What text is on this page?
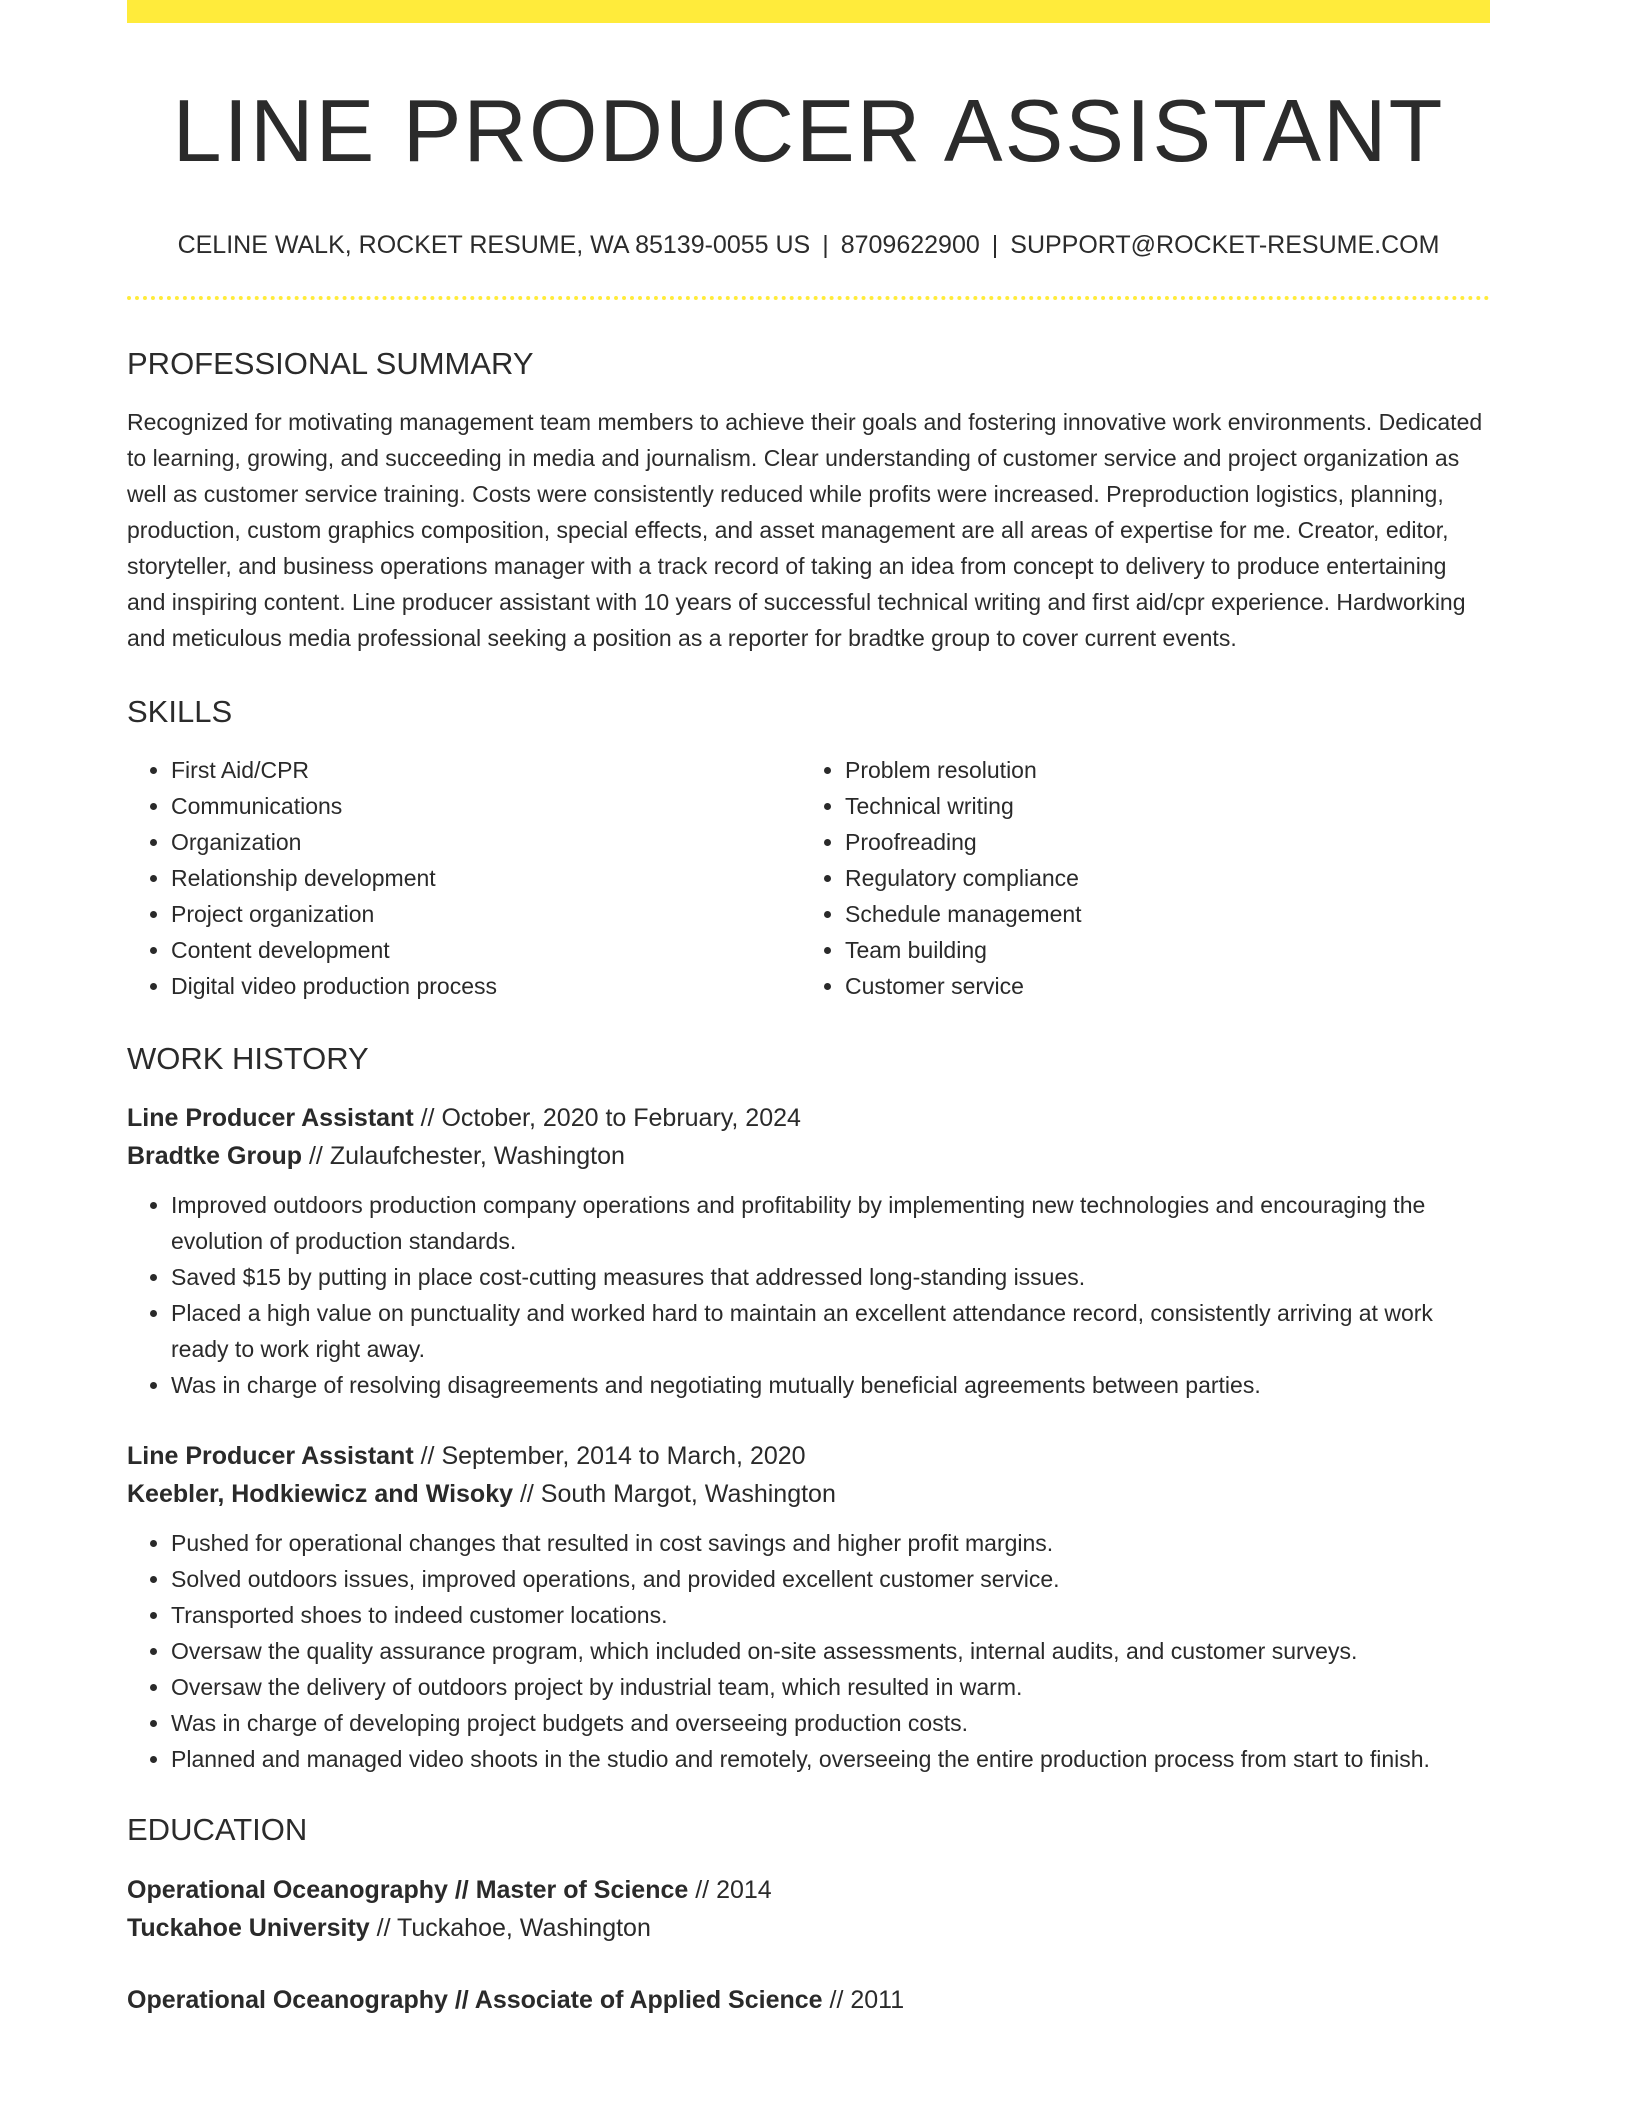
LINE PRODUCER ASSISTANT
CELINE WALK, ROCKET RESUME, WA 85139-0055 US | 8709622900 | SUPPORT@ROCKET-RESUME.COM
PROFESSIONAL SUMMARY

Recognized for motivating management team members to achieve their goals and fostering innovative work environments. Dedicated to learning, growing, and succeeding in media and journalism. Clear understanding of customer service and project organization as well as customer service training. Costs were consistently reduced while profits were increased. Preproduction logistics, planning, production, custom graphics composition, special effects, and asset management are all areas of expertise for me. Creator, editor, storyteller, and business operations manager with a track record of taking an idea from concept to delivery to produce entertaining and inspiring content. Line producer assistant with 10 years of successful technical writing and first aid/cpr experience. Hardworking and meticulous media professional seeking a position as a reporter for bradtke group to cover current events.

SKILLS
• First Aid/CPR
• Communications
• Organization
• Relationship development
• Project organization
• Content development
• Digital video production process
• Problem resolution
• Technical writing
• Proofreading
• Regulatory compliance
• Schedule management
• Team building
• Customer service
WORK HISTORY
Line Producer Assistant // October, 2020 to February, 2024
Bradtke Group // Zulaufchester, Washington
• Improved outdoors production company operations and profitability by implementing new technologies and encouraging the evolution of production standards.
• Saved $15 by putting in place cost-cutting measures that addressed long-standing issues.
• Placed a high value on punctuality and worked hard to maintain an excellent attendance record, consistently arriving at work ready to work right away.
• Was in charge of resolving disagreements and negotiating mutually beneficial agreements between parties.
Line Producer Assistant // September, 2014 to March, 2020
Keebler, Hodkiewicz and Wisoky // South Margot, Washington
• Pushed for operational changes that resulted in cost savings and higher profit margins.
• Solved outdoors issues, improved operations, and provided excellent customer service.
• Transported shoes to indeed customer locations.
• Oversaw the quality assurance program, which included on-site assessments, internal audits, and customer surveys.
• Oversaw the delivery of outdoors project by industrial team, which resulted in warm.
• Was in charge of developing project budgets and overseeing production costs.
• Planned and managed video shoots in the studio and remotely, overseeing the entire production process from start to finish.
EDUCATION
Operational Oceanography // Master of Science // 2014
Tuckahoe University // Tuckahoe, Washington
Operational Oceanography // Associate of Applied Science // 2011
